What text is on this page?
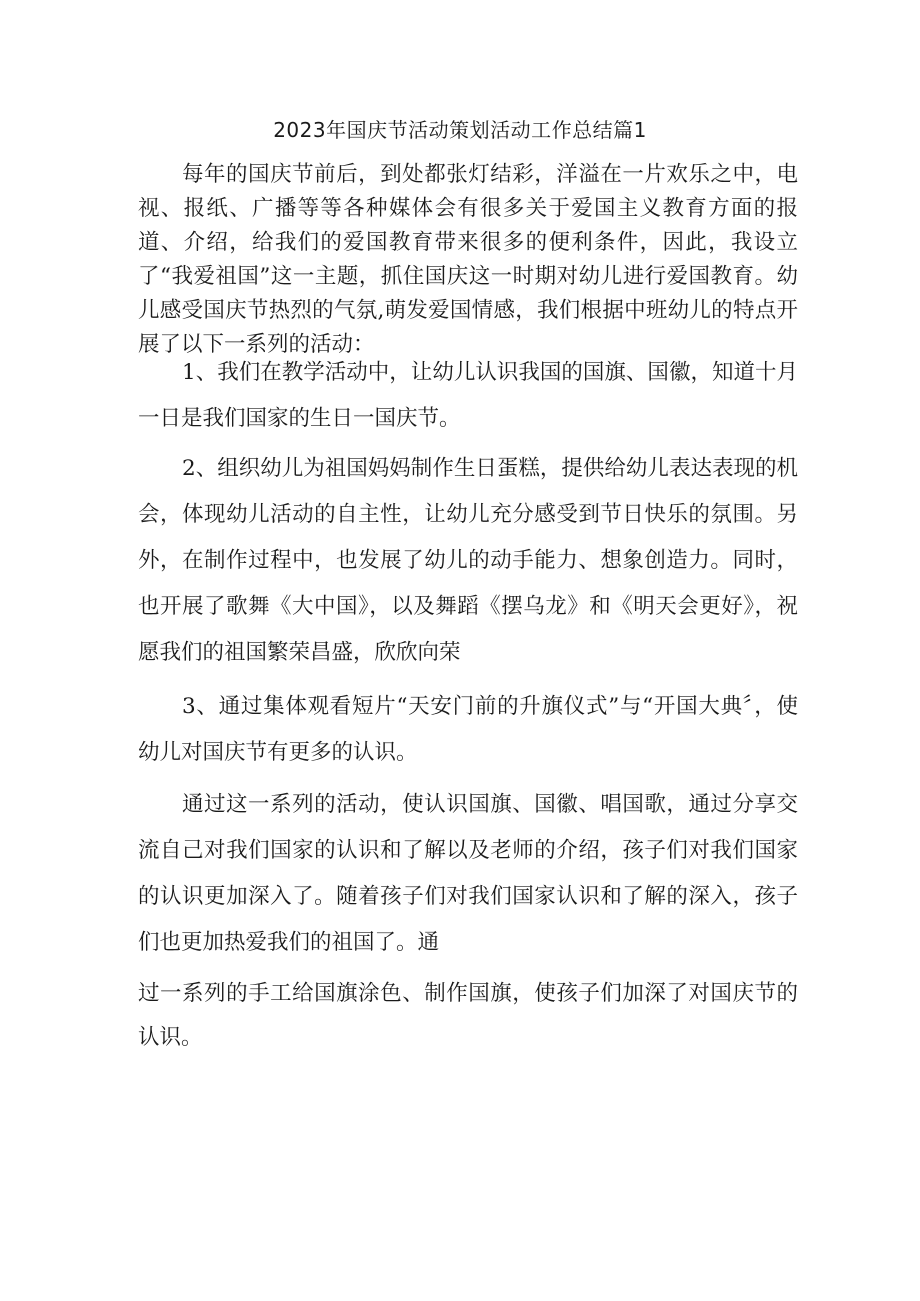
2023年国庆节活动策划活动工作总结篇1
每年的国庆节前后，到处都张灯结彩，洋溢在一片欢乐之中，电视、报纸、广播等等各种媒体会有很多关于爱国主义教育方面的报道、介绍，给我们的爱国教育带来很多的便利条件，因此，我设立了“我爱祖国”这一主题，抓住国庆这一时期对幼儿进行爱国教育。幼儿感受国庆节热烈的气氛,萌发爱国情感，我们根据中班幼儿的特点开展了以下一系列的活动：

1、我们在教学活动中，让幼儿认识我国的国旗、国徽，知道十月一日是我们国家的生日一国庆节。

2、组织幼儿为祖国妈妈制作生日蛋糕，提供给幼儿表达表现的机会，体现幼儿活动的自主性，让幼儿充分感受到节日快乐的氛围。另外，在制作过程中，也发展了幼儿的动手能力、想象创造力。同时，也开展了歌舞《大中国》，以及舞蹈《摆乌龙》和《明天会更好》，祝愿我们的祖国繁荣昌盛，欣欣向荣

3、通过集体观看短片“天安门前的升旗仪式”与“开国大典〞，使幼儿对国庆节有更多的认识。

通过这一系列的活动，使认识国旗、国徽、唱国歌，通过分享交流自己对我们国家的认识和了解以及老师的介绍，孩子们对我们国家的认识更加深入了。随着孩子们对我们国家认识和了解的深入，孩子们也更加热爱我们的祖国了。通

过一系列的手工给国旗涂色、制作国旗，使孩子们加深了对国庆节的认识。
